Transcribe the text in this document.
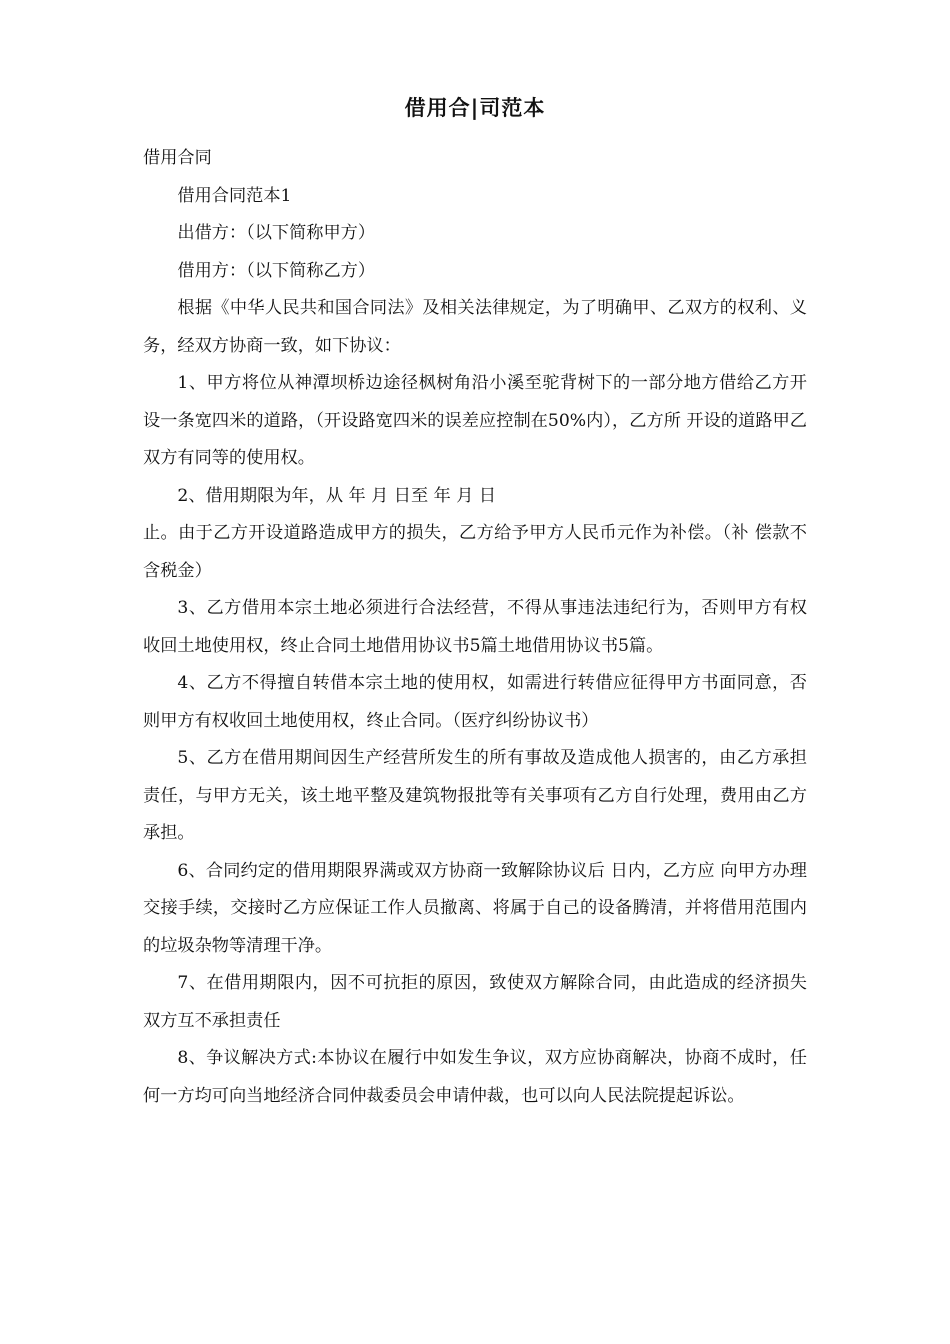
借用合|司范本

借用合同

借用合同范本1

出借方：（以下简称甲方）

借用方：（以下简称乙方）

根据《中华人民共和国合同法》及相关法律规定，为了明确甲、乙双方的权利、义务，经双方协商一致，如下协议：

1、甲方将位从神潭坝桥边途径枫树角沿小溪至驼背树下的一部分地方借给乙方开设一条宽四米的道路，（开设路宽四米的误差应控制在50%内），乙方所 开设的道路甲乙双方有同等的使用权。

2、借用期限为年，从 年 月 日至 年 月 日

止。由于乙方开设道路造成甲方的损失，乙方给予甲方人民币元作为补偿。（补 偿款不含税金）

3、乙方借用本宗土地必须进行合法经营，不得从事违法违纪行为，否则甲方有权收回土地使用权，终止合同土地借用协议书5篇土地借用协议书5篇。

4、乙方不得擅自转借本宗土地的使用权，如需进行转借应征得甲方书面同意，否则甲方有权收回土地使用权，终止合同。（医疗纠纷协议书）

5、乙方在借用期间因生产经营所发生的所有事故及造成他人损害的，由乙方承担责任，与甲方无关，该土地平整及建筑物报批等有关事项有乙方自行处理，费用由乙方承担。

6、合同约定的借用期限界满或双方协商一致解除协议后 日内，乙方应 向甲方办理交接手续，交接时乙方应保证工作人员撤离、将属于自己的设备腾清，并将借用范围内的垃圾杂物等清理干净。

7、在借用期限内，因不可抗拒的原因，致使双方解除合同，由此造成的经济损失双方互不承担责任

8、争议解决方式:本协议在履行中如发生争议，双方应协商解决，协商不成时，任何一方均可向当地经济合同仲裁委员会申请仲裁，也可以向人民法院提起诉讼。
